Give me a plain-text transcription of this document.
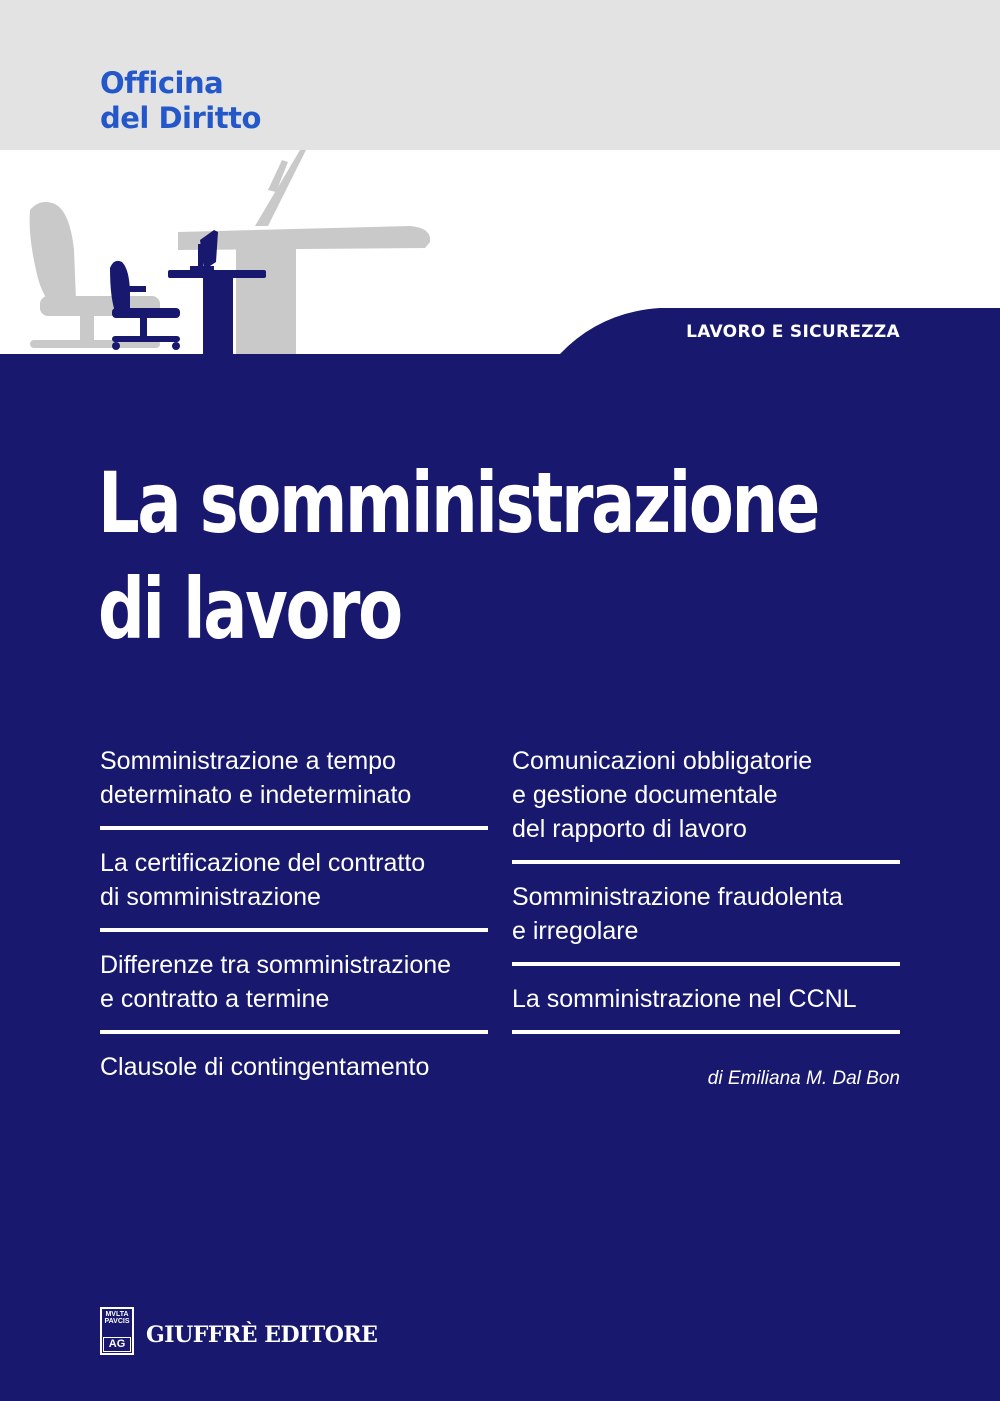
Officina
del Diritto
LAVORO E SICUREZZA
La somministrazione
di lavoro
Somministrazione a tempo
determinato e indeterminato
La certificazione del contratto
di somministrazione
Differenze tra somministrazione
e contratto a termine
Clausole di contingentamento
Comunicazioni obbligatorie
e gestione documentale
del rapporto di lavoro
Somministrazione fraudolenta
e irregolare
La somministrazione nel CCNL
di Emiliana M. Dal Bon
MVLTA PAVCIS
AG GIUFFRÈ EDITORE
